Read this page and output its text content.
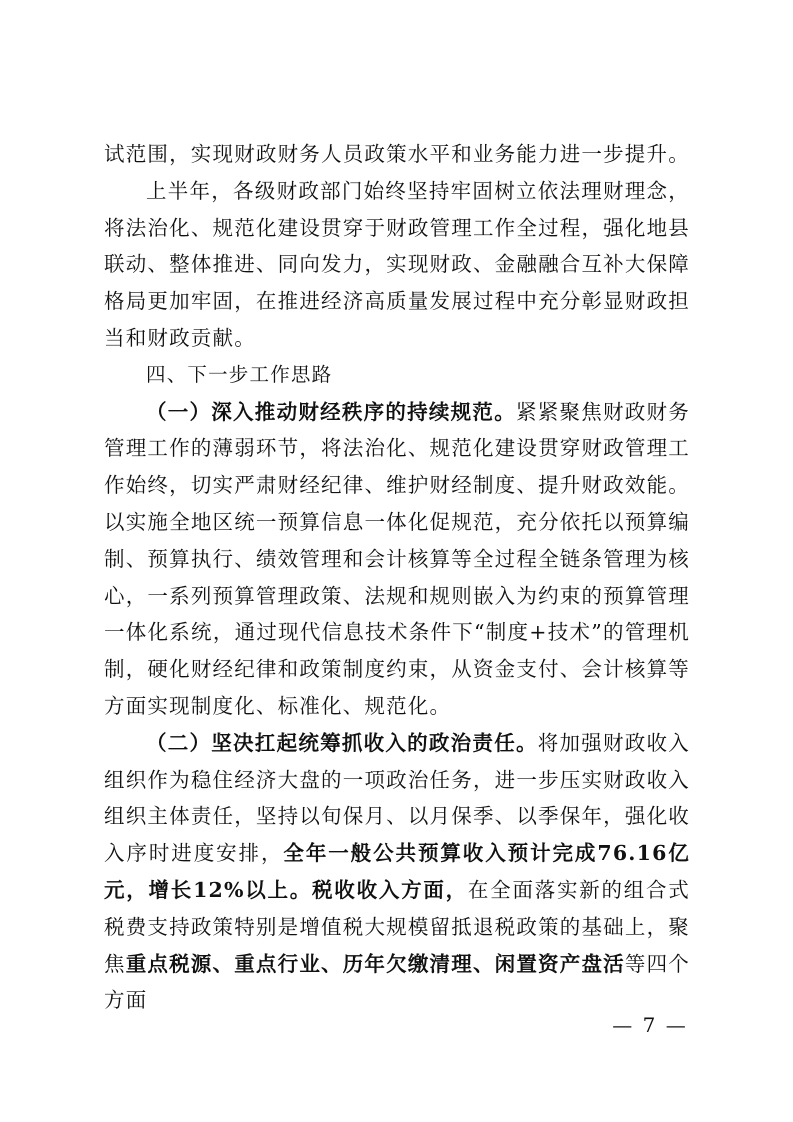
试范围，实现财政财务人员政策水平和业务能力进一步提升。

上半年，各级财政部门始终坚持牢固树立依法理财理念，将法治化、规范化建设贯穿于财政管理工作全过程，强化地县联动、整体推进、同向发力，实现财政、金融融合互补大保障格局更加牢固，在推进经济高质量发展过程中充分彰显财政担当和财政贡献。

四、下一步工作思路

（一）深入推动财经秩序的持续规范。紧紧聚焦财政财务管理工作的薄弱环节，将法治化、规范化建设贯穿财政管理工作始终，切实严肃财经纪律、维护财经制度、提升财政效能。以实施全地区统一预算信息一体化促规范，充分依托以预算编制、预算执行、绩效管理和会计核算等全过程全链条管理为核心，一系列预算管理政策、法规和规则嵌入为约束的预算管理一体化系统，通过现代信息技术条件下“制度+技术”的管理机制，硬化财经纪律和政策制度约束，从资金支付、会计核算等方面实现制度化、标准化、规范化。

（二）坚决扛起统筹抓收入的政治责任。将加强财政收入组织作为稳住经济大盘的一项政治任务，进一步压实财政收入组织主体责任，坚持以旬保月、以月保季、以季保年，强化收入序时进度安排，全年一般公共预算收入预计完成76.16亿元，增长12%以上。税收收入方面，在全面落实新的组合式税费支持政策特别是增值税大规模留抵退税政策的基础上，聚焦重点税源、重点行业、历年欠缴清理、闲置资产盘活等四个方面

— 7 —
